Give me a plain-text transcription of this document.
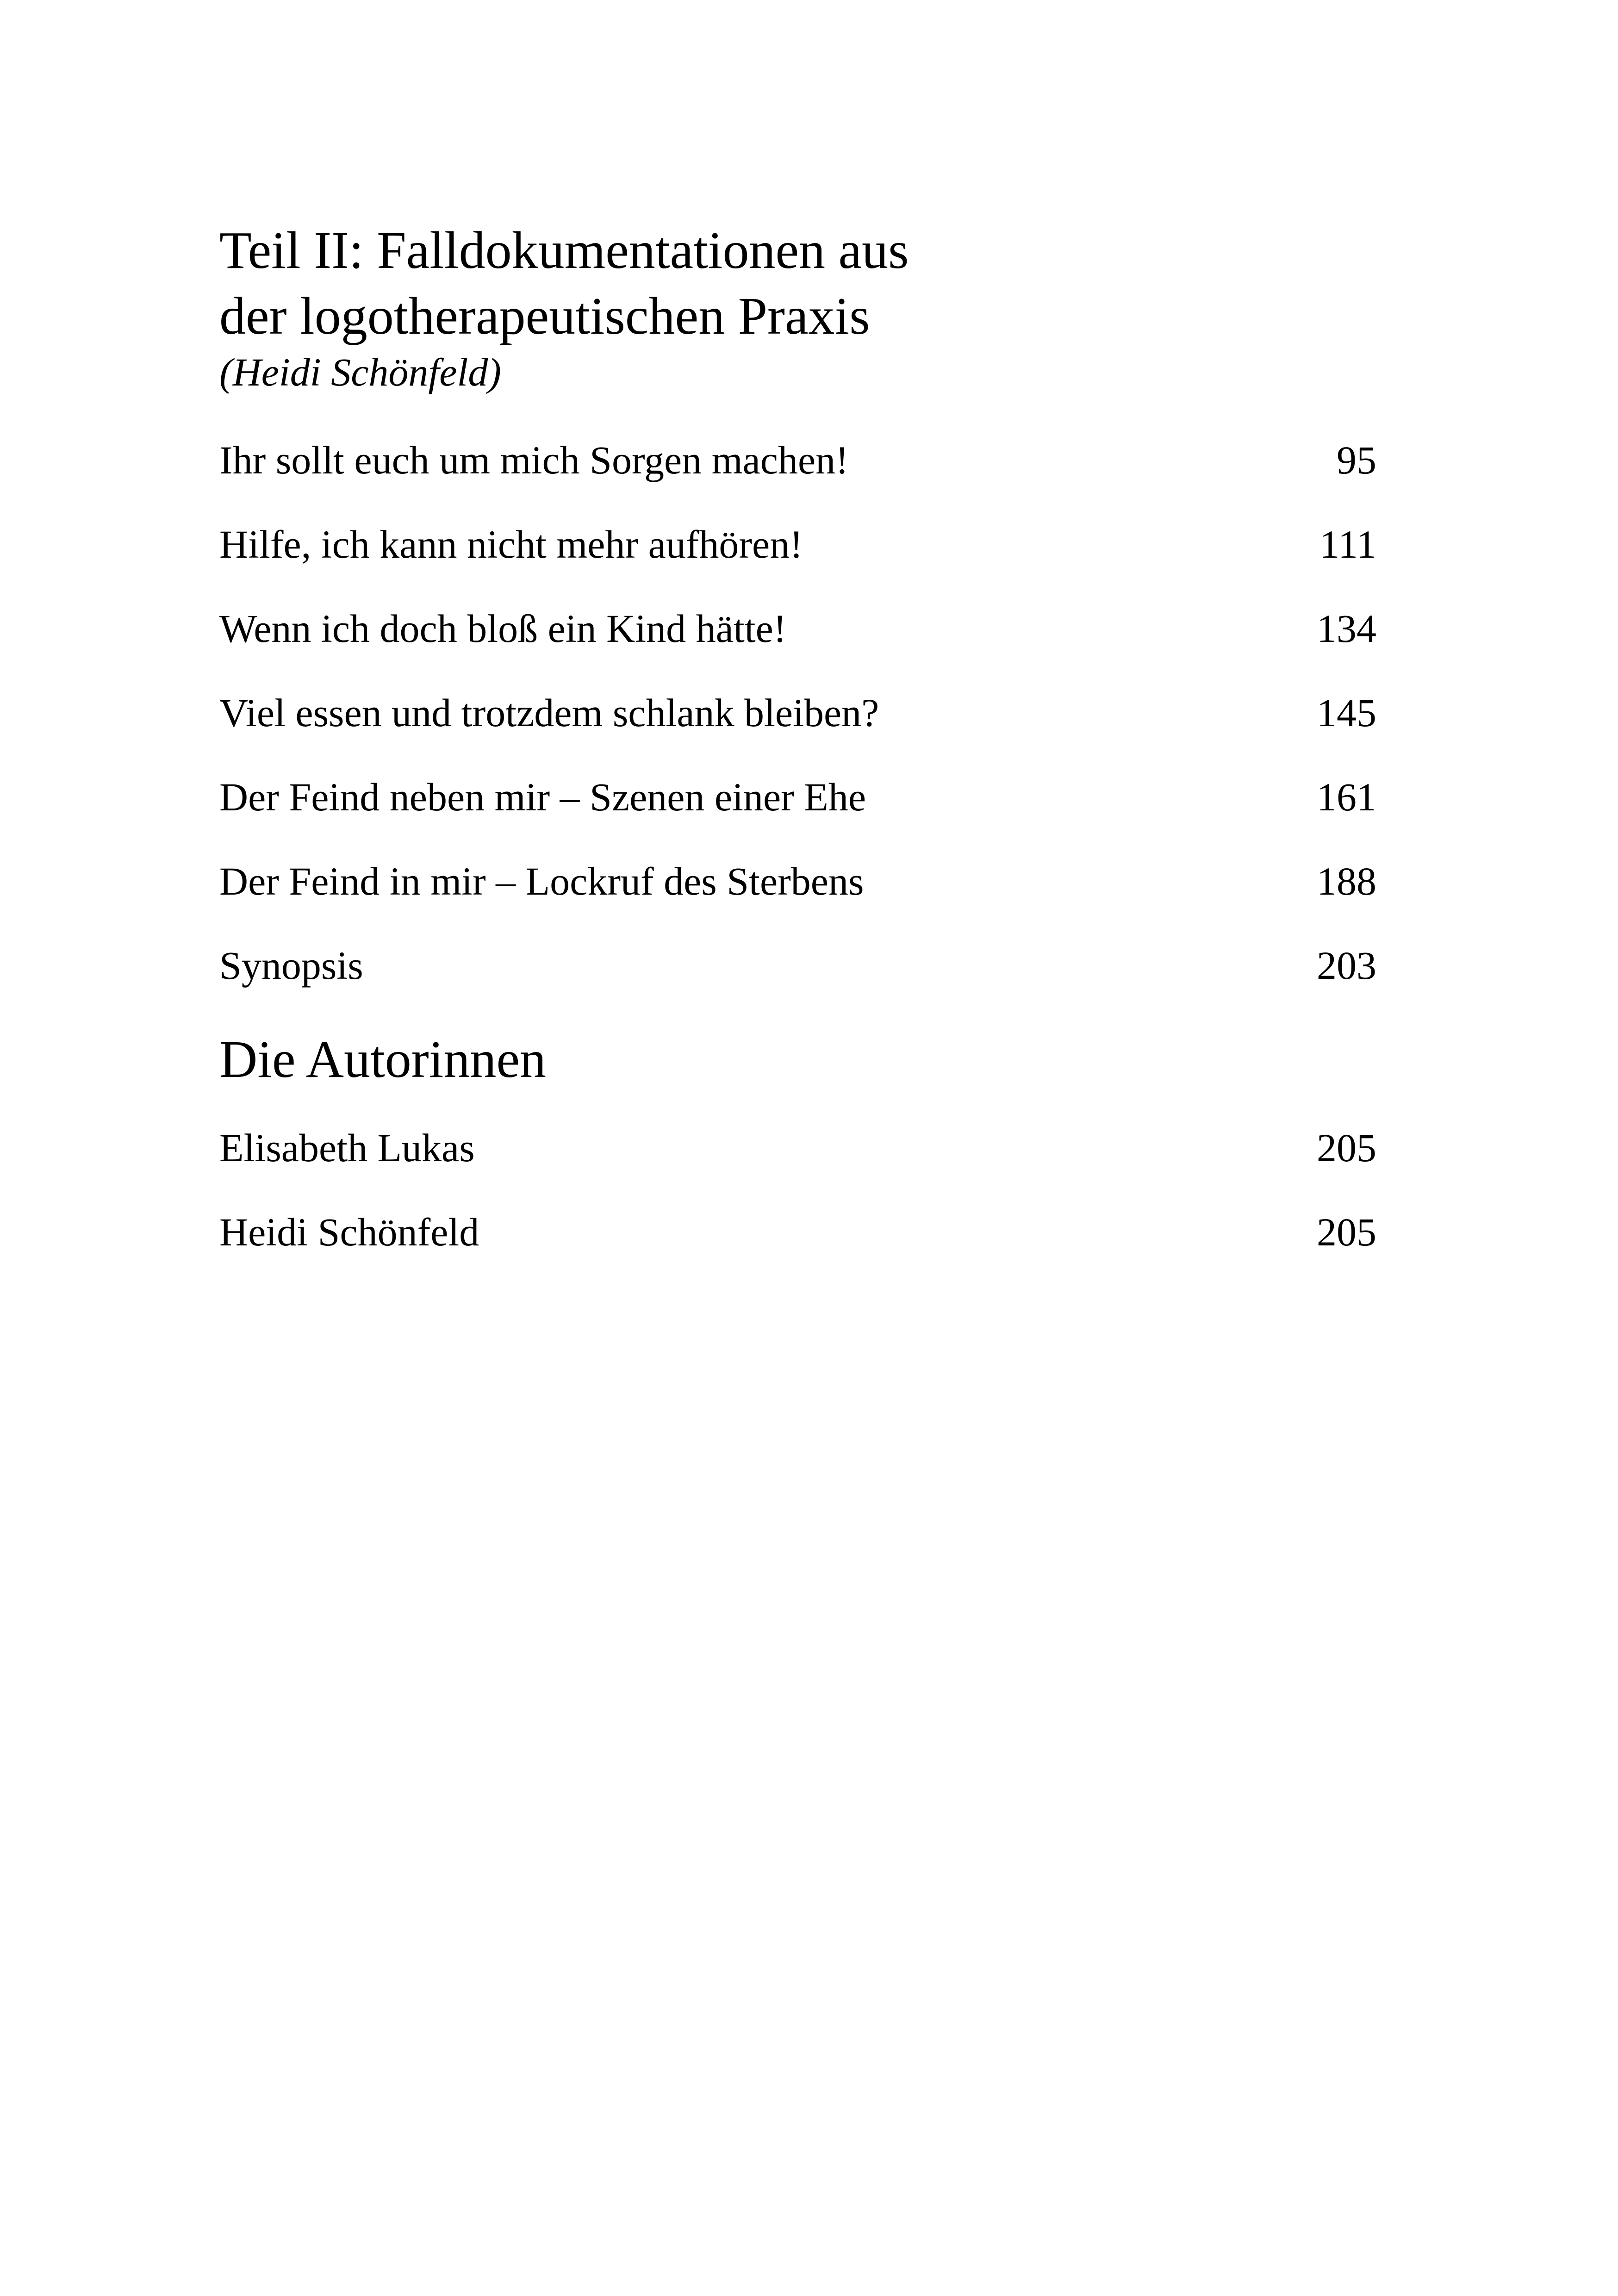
Teil II: Falldokumentationen aus
der logotherapeutischen Praxis
(Heidi Schönfeld)
Ihr sollt euch um mich Sorgen machen!	95
Hilfe, ich kann nicht mehr aufhören!	111
Wenn ich doch bloß ein Kind hätte!	134
Viel essen und trotzdem schlank bleiben?	145
Der Feind neben mir – Szenen einer Ehe	161
Der Feind in mir – Lockruf des Sterbens	188
Synopsis	203
Die Autorinnen
Elisabeth Lukas	205
Heidi Schönfeld	205
